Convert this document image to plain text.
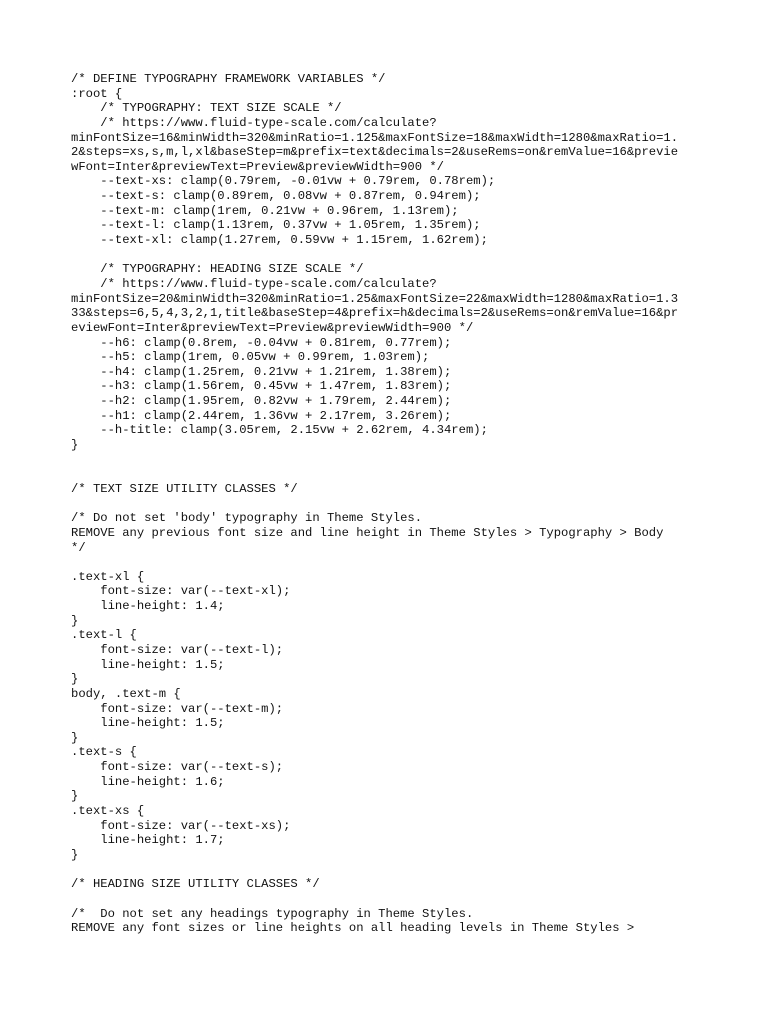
/* DEFINE TYPOGRAPHY FRAMEWORK VARIABLES */
:root {
/* TYPOGRAPHY: TEXT SIZE SCALE */
/* https://www.fluid-type-scale.com/calculate?
minFontSize=16&minWidth=320&minRatio=1.125&maxFontSize=18&maxWidth=1280&maxRatio=1.
2&steps=xs,s,m,l,xl&baseStep=m&prefix=text&decimals=2&useRems=on&remValue=16&previe
wFont=Inter&previewText=Preview&previewWidth=900 */
--text-xs: clamp(0.79rem, -0.01vw + 0.79rem, 0.78rem);
--text-s: clamp(0.89rem, 0.08vw + 0.87rem, 0.94rem);
--text-m: clamp(1rem, 0.21vw + 0.96rem, 1.13rem);
--text-l: clamp(1.13rem, 0.37vw + 1.05rem, 1.35rem);
--text-xl: clamp(1.27rem, 0.59vw + 1.15rem, 1.62rem);
/* TYPOGRAPHY: HEADING SIZE SCALE */
/* https://www.fluid-type-scale.com/calculate?
minFontSize=20&minWidth=320&minRatio=1.25&maxFontSize=22&maxWidth=1280&maxRatio=1.3
33&steps=6,5,4,3,2,1,title&baseStep=4&prefix=h&decimals=2&useRems=on&remValue=16&pr
eviewFont=Inter&previewText=Preview&previewWidth=900 */
--h6: clamp(0.8rem, -0.04vw + 0.81rem, 0.77rem);
--h5: clamp(1rem, 0.05vw + 0.99rem, 1.03rem);
--h4: clamp(1.25rem, 0.21vw + 1.21rem, 1.38rem);
--h3: clamp(1.56rem, 0.45vw + 1.47rem, 1.83rem);
--h2: clamp(1.95rem, 0.82vw + 1.79rem, 2.44rem);
--h1: clamp(2.44rem, 1.36vw + 2.17rem, 3.26rem);
--h-title: clamp(3.05rem, 2.15vw + 2.62rem, 4.34rem);
}
/* TEXT SIZE UTILITY CLASSES */
/* Do not set 'body' typography in Theme Styles.
REMOVE any previous font size and line height in Theme Styles > Typography > Body
*/
.text-xl {
font-size: var(--text-xl);
line-height: 1.4;
}
.text-l {
font-size: var(--text-l);
line-height: 1.5;
}
body, .text-m {
font-size: var(--text-m);
line-height: 1.5;
}
.text-s {
font-size: var(--text-s);
line-height: 1.6;
}
.text-xs {
font-size: var(--text-xs);
line-height: 1.7;
}
/* HEADING SIZE UTILITY CLASSES */
/*  Do not set any headings typography in Theme Styles.
REMOVE any font sizes or line heights on all heading levels in Theme Styles >
